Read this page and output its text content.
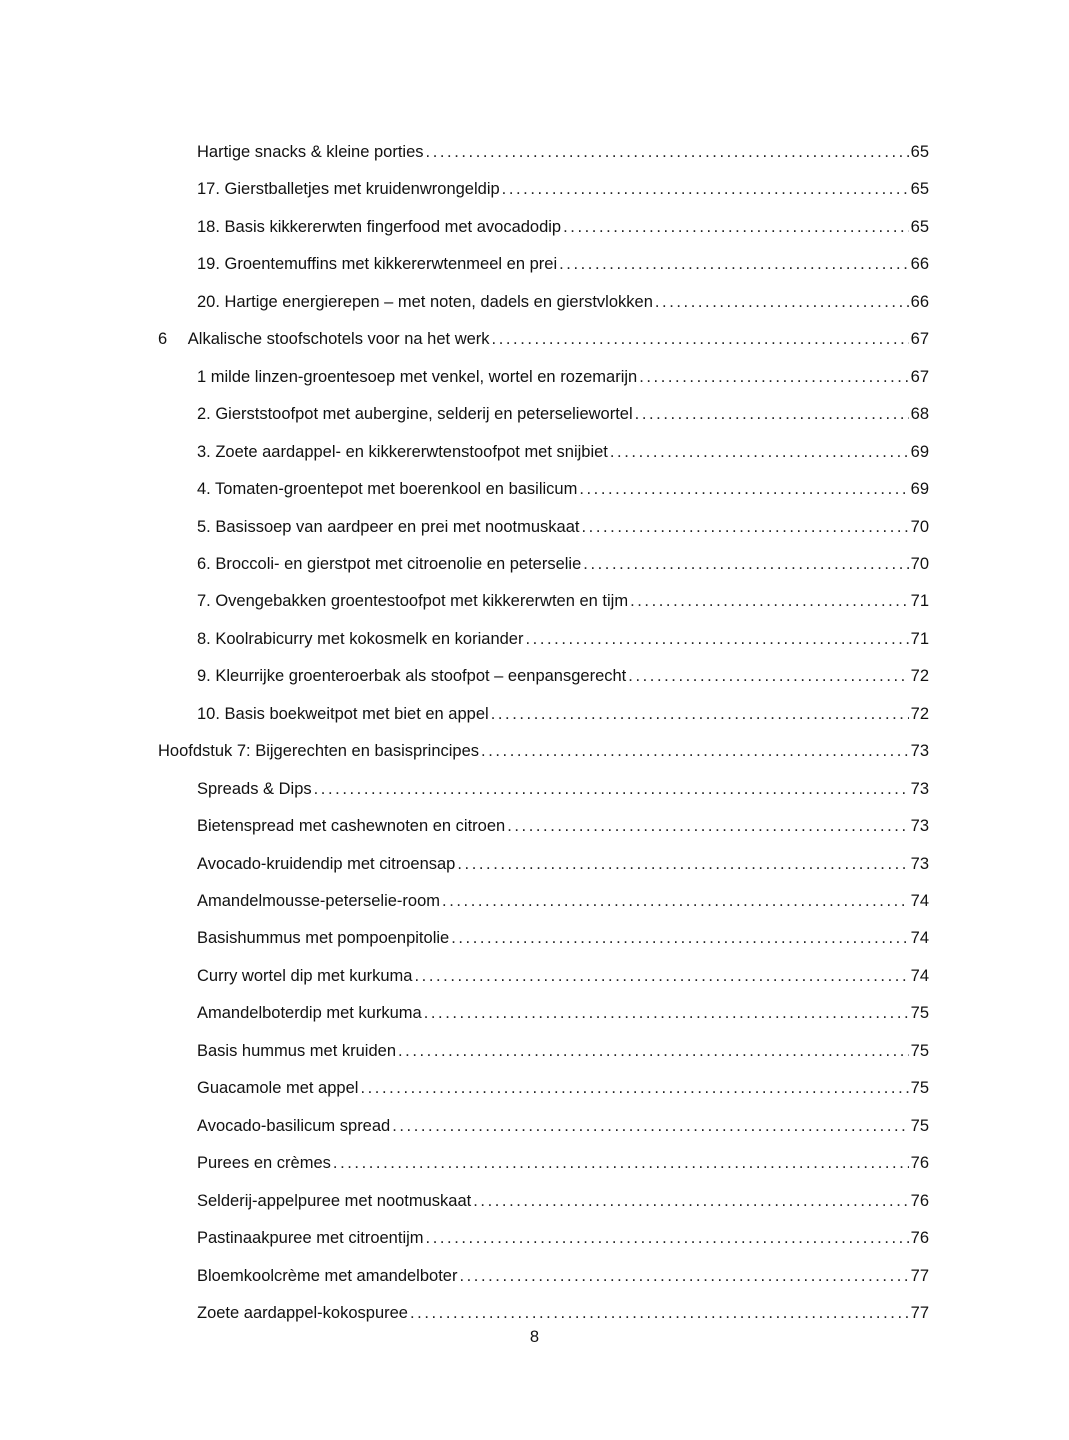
Hartige snacks & kleine porties . . .	65
17. Gierstballetjes met kruidenwrongeldip . . .	65
18. Basis kikkererwten fingerfood met avocadodip . . .	65
19. Groentemuffins met kikkererwtenmeel en prei . . .	66
20. Hartige energierepen – met noten, dadels en gierstvlokken . . .	66
6	Alkalische stoofschotels voor na het werk . . .	67
1 milde linzen-groentesoep met venkel, wortel en rozemarijn . . .	67
2. Gierststoofpot met aubergine, selderij en peterseliewortel . . .	68
3. Zoete aardappel- en kikkererwtenstoofpot met snijbiet . . .	69
4. Tomaten-groentepot met boerenkool en basilicum . . .	69
5. Basissoep van aardpeer en prei met nootmuskaat . . .	70
6. Broccoli- en gierstpot met citroenolie en peterselie . . .	70
7. Ovengebakken groentestoofpot met kikkererwten en tijm . . .	71
8. Koolrabicurry met kokosmelk en koriander . . .	71
9. Kleurrijke groenteroerbak als stoofpot – eenpansgerecht . . .	72
10. Basis boekweitpot met biet en appel . . .	72
Hoofdstuk 7: Bijgerechten en basisprincipes . . .	73
Spreads & Dips . . .	73
Bietenspread met cashewnoten en citroen . . .	73
Avocado-kruidendip met citroensap . . .	73
Amandelmousse-peterselie-room . . .	74
Basishummus met pompoenpitolie . . .	74
Curry wortel dip met kurkuma . . .	74
Amandelboterdip met kurkuma . . .	75
Basis hummus met kruiden . . .	75
Guacamole met appel . . .	75
Avocado-basilicum spread . . .	75
Purees en crèmes . . .	76
Selderij-appelpuree met nootmuskaat . . .	76
Pastinaakpuree met citroentijm . . .	76
Bloemkoolcrème met amandelboter . . .	77
Zoete aardappel-kokospuree . . .	77
8
